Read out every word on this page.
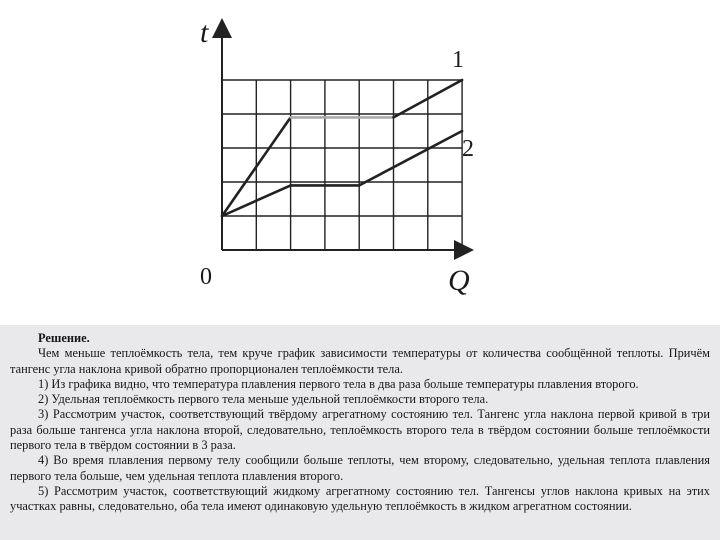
t
Q
0
1
2
Решение.
Чем меньше теплоёмкость тела, тем круче график зависимости температуры от количества сообщённой теплоты. Причём тангенс угла наклона кривой обратно пропорционален теплоёмкости тела.
1) Из графика видно, что температура плавления первого тела в два раза больше температуры плавления второго.
2) Удельная теплоёмкость первого тела меньше удельной теплоёмкости второго тела.
3) Рассмотрим участок, соответствующий твёрдому агрегатному состоянию тел. Тангенс угла наклона первой кривой в три раза больше тангенса угла наклона второй, следовательно, теплоёмкость второго тела в твёрдом состоянии больше теплоёмкости первого тела в твёрдом состоянии в 3 раза.
4) Во время плавления первому телу сообщили больше теплоты, чем второму, следовательно, удельная теплота плавления первого тела больше, чем удельная теплота плавления второго.
5) Рассмотрим участок, соответствующий жидкому агрегатному состоянию тел. Тангенсы углов наклона кривых на этих участках равны, следовательно, оба тела имеют одинаковую удельную теплоёмкость в жидком агрегатном состоянии.
